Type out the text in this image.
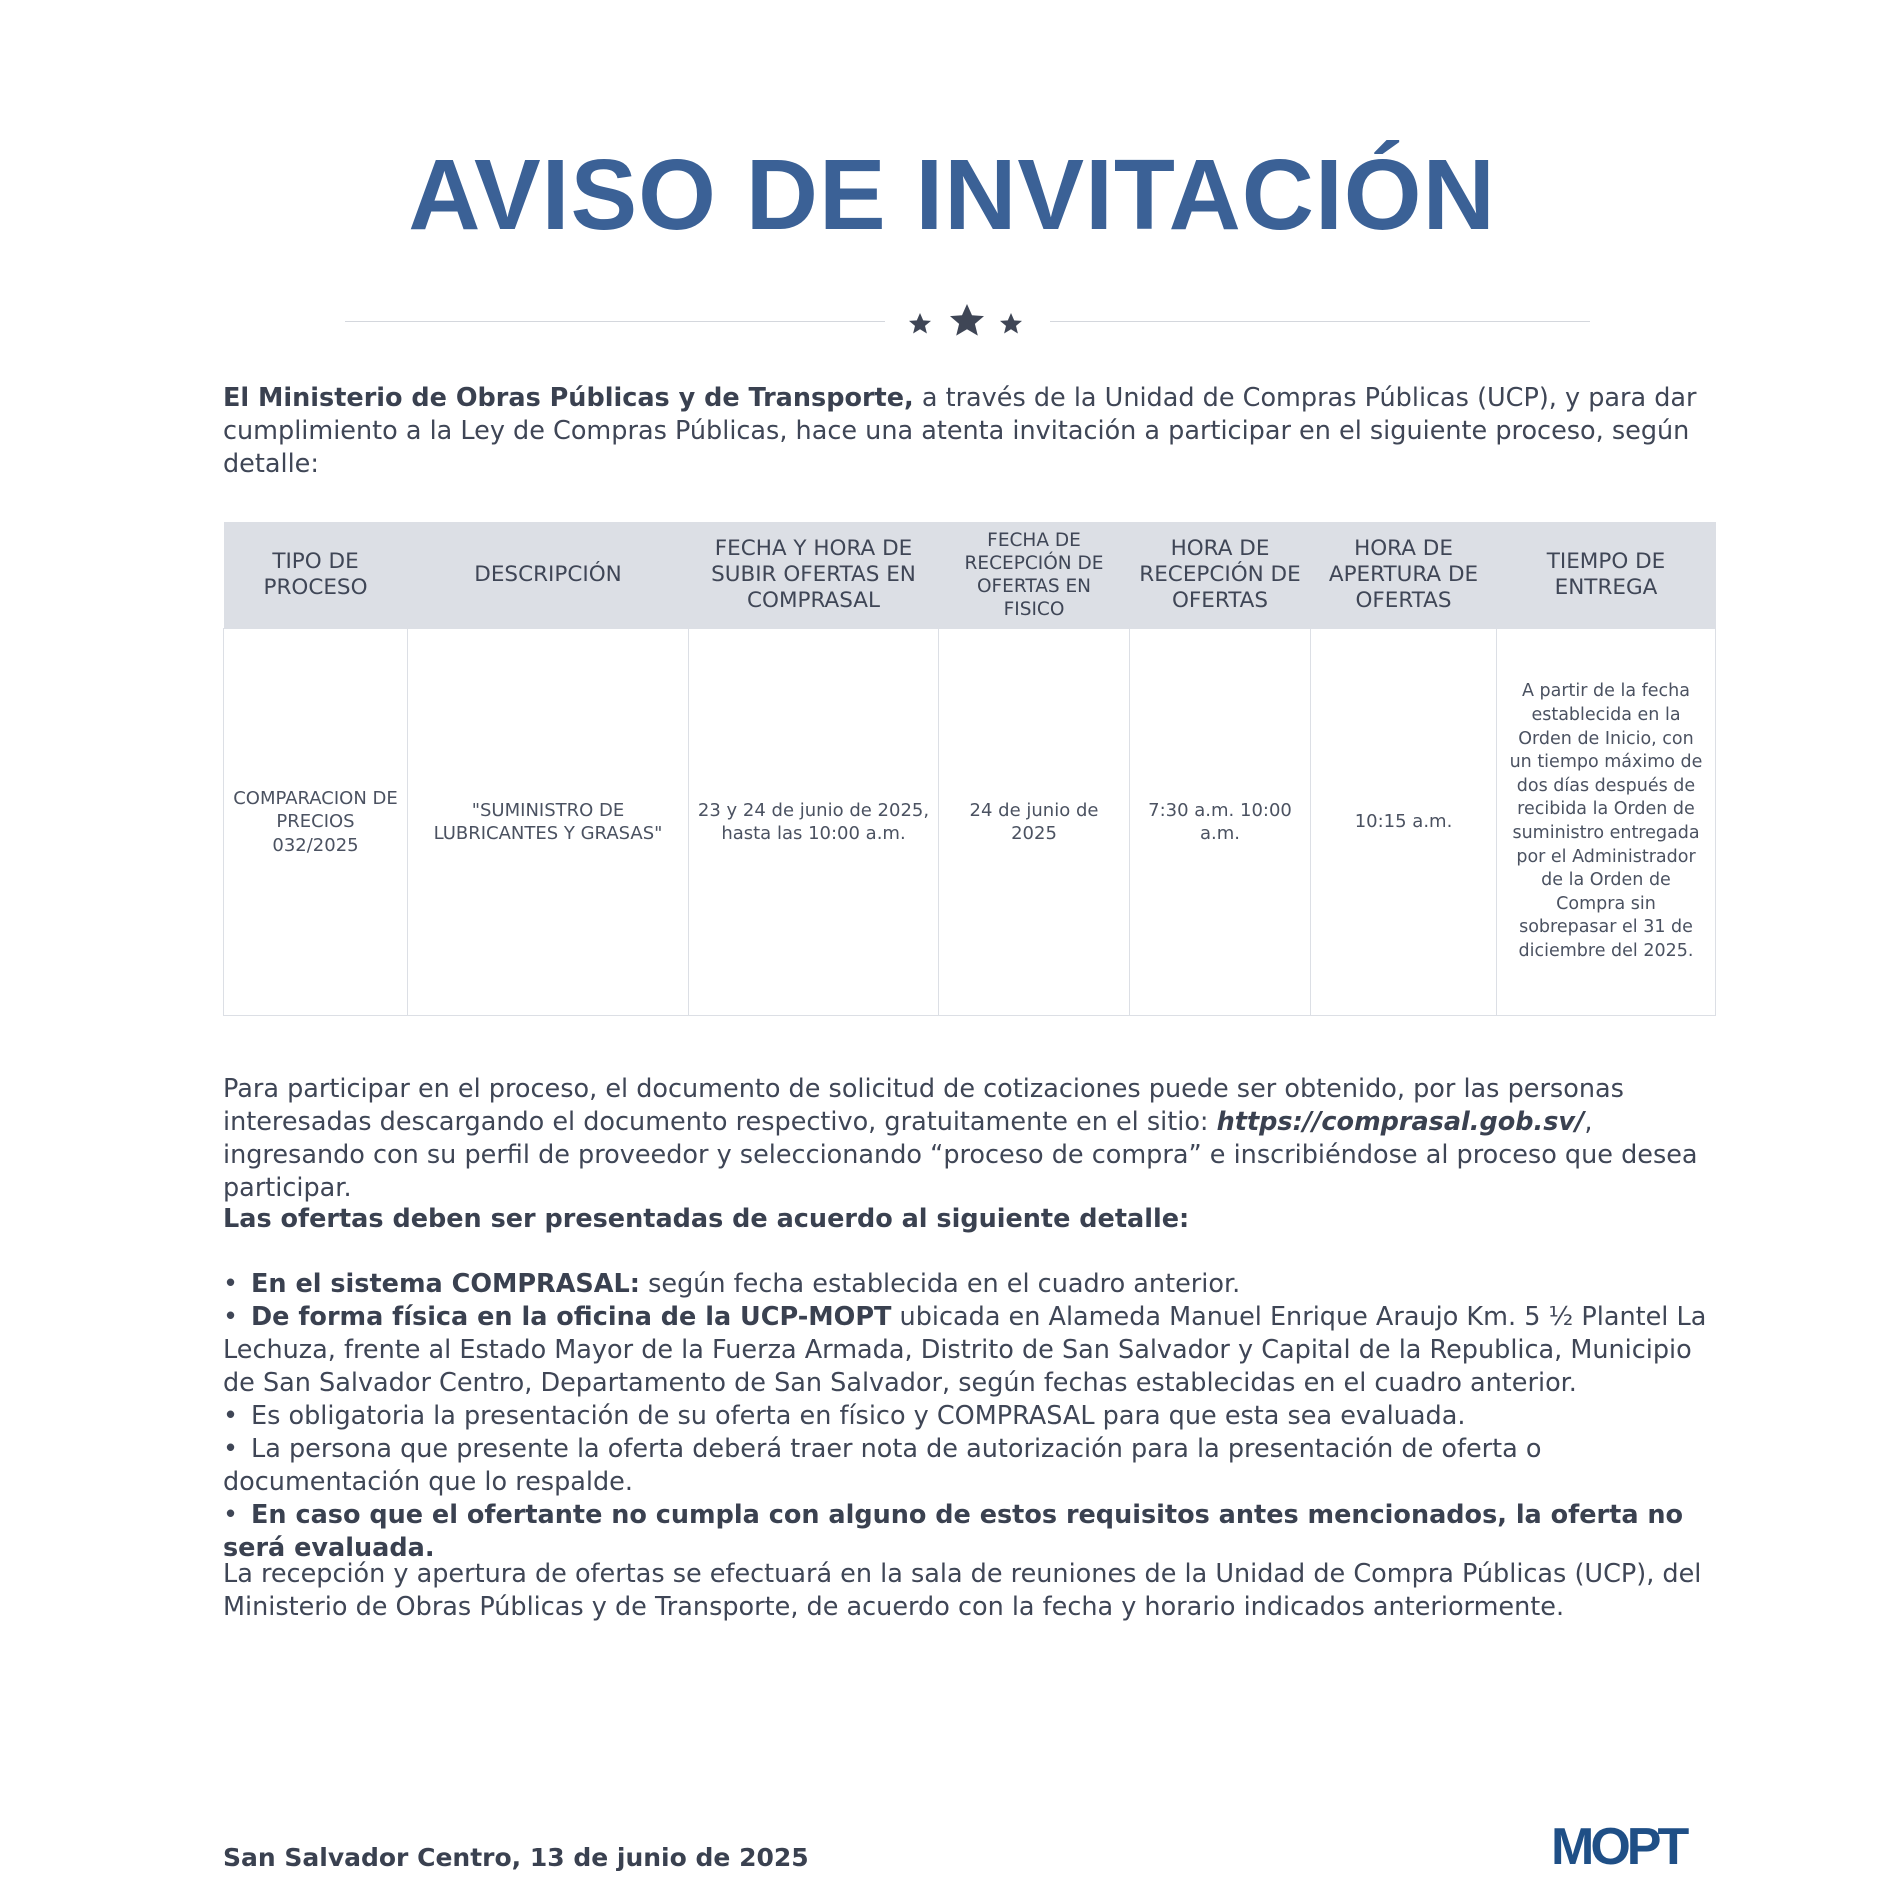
AVISO DE INVITACIÓN
El Ministerio de Obras Públicas y de Transporte, a través de la Unidad de Compras Públicas (UCP), y para dar cumplimiento a la Ley de Compras Públicas, hace una atenta invitación a participar en el siguiente proceso, según detalle:
TIPO DE PROCESO	DESCRIPCIÓN	FECHA Y HORA DE SUBIR OFERTAS EN COMPRASAL	FECHA DE RECEPCIÓN DE OFERTAS EN FISICO	HORA DE RECEPCIÓN DE OFERTAS	HORA DE APERTURA DE OFERTAS	TIEMPO DE ENTREGA
COMPARACION DE PRECIOS 032/2025	"SUMINISTRO DE LUBRICANTES Y GRASAS"	23 y 24 de junio de 2025, hasta las 10:00 a.m.	24 de junio de 2025	7:30 a.m. 10:00 a.m.	10:15 a.m.	A partir de la fecha establecida en la Orden de Inicio, con un tiempo máximo de dos días después de recibida la Orden de suministro entregada por el Administrador de la Orden de Compra sin sobrepasar el 31 de diciembre del 2025.
Para participar en el proceso, el documento de solicitud de cotizaciones puede ser obtenido, por las personas interesadas descargando el documento respectivo, gratuitamente en el sitio: https://comprasal.gob.sv/, ingresando con su perfil de proveedor y seleccionando “proceso de compra” e inscribiéndose al proceso que desea participar.
Las ofertas deben ser presentadas de acuerdo al siguiente detalle:
• En el sistema COMPRASAL: según fecha establecida en el cuadro anterior.
• De forma física en la oficina de la UCP-MOPT ubicada en Alameda Manuel Enrique Araujo Km. 5 ½ Plantel La Lechuza, frente al Estado Mayor de la Fuerza Armada, Distrito de San Salvador y Capital de la Republica, Municipio de San Salvador Centro, Departamento de San Salvador, según fechas establecidas en el cuadro anterior.
• Es obligatoria la presentación de su oferta en físico y COMPRASAL para que esta sea evaluada.
• La persona que presente la oferta deberá traer nota de autorización para la presentación de oferta o documentación que lo respalde.
• En caso que el ofertante no cumpla con alguno de estos requisitos antes mencionados, la oferta no será evaluada.
La recepción y apertura de ofertas se efectuará en la sala de reuniones de la Unidad de Compra Públicas (UCP), del Ministerio de Obras Públicas y de Transporte, de acuerdo con la fecha y horario indicados anteriormente.
San Salvador Centro, 13 de junio de 2025	MOPT
